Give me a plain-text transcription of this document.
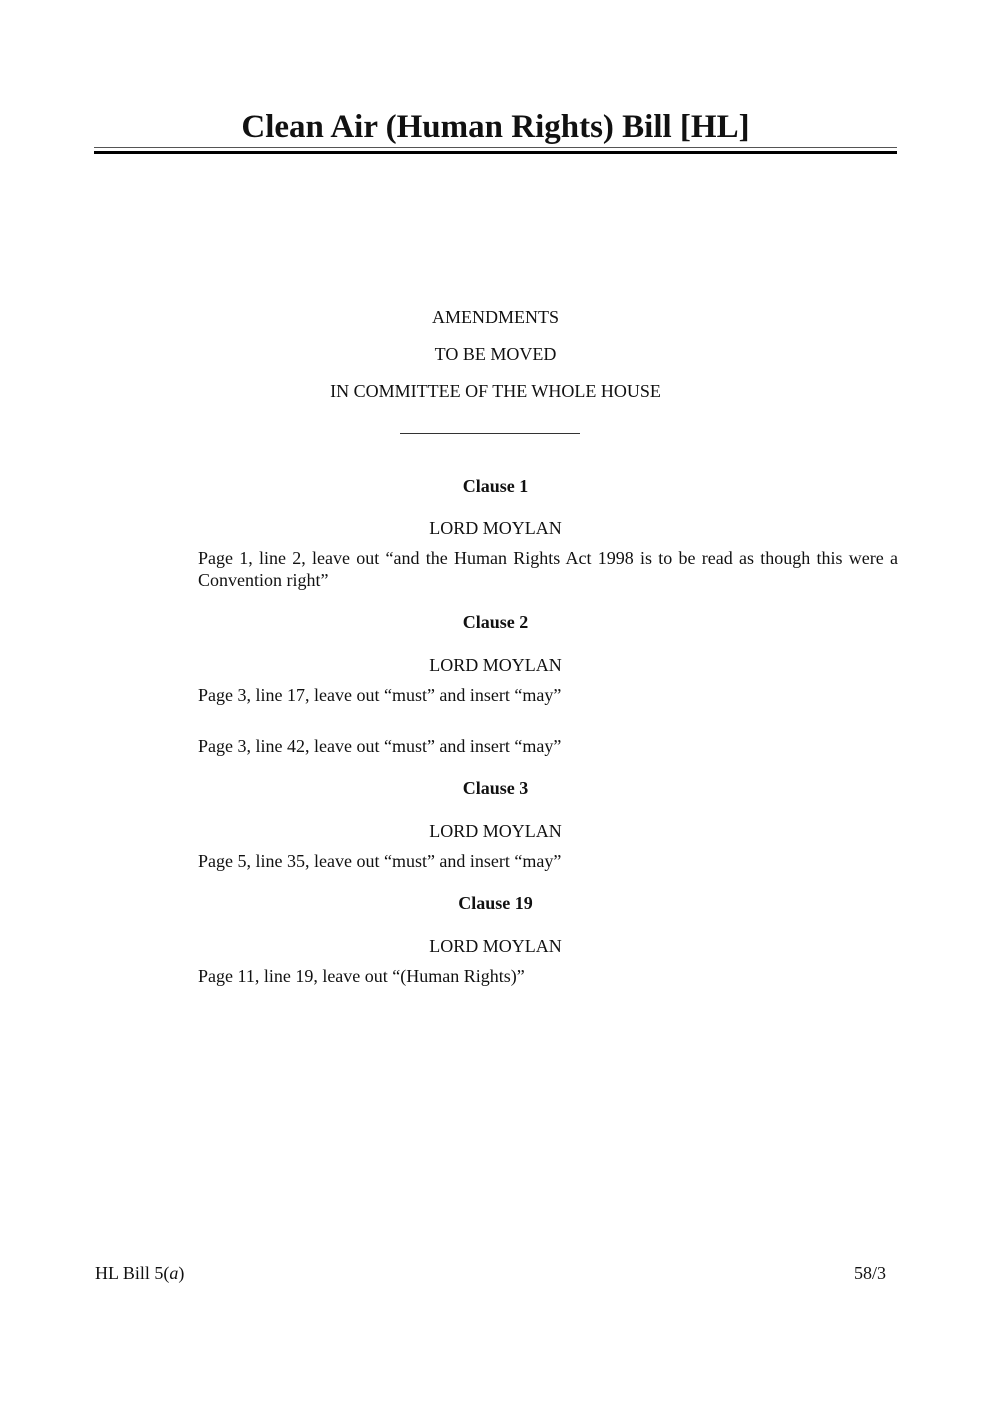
Clean Air (Human Rights) Bill [HL]
AMENDMENTS
TO BE MOVED
IN COMMITTEE OF THE WHOLE HOUSE
Clause 1
LORD MOYLAN
Page 1, line 2, leave out “and the Human Rights Act 1998 is to be read as though this were a Convention right”
Clause 2
LORD MOYLAN
Page 3, line 17, leave out “must” and insert “may”
Page 3, line 42, leave out “must” and insert “may”
Clause 3
LORD MOYLAN
Page 5, line 35, leave out “must” and insert “may”
Clause 19
LORD MOYLAN
Page 11, line 19, leave out “(Human Rights)”
HL Bill 5(a)	58/3
